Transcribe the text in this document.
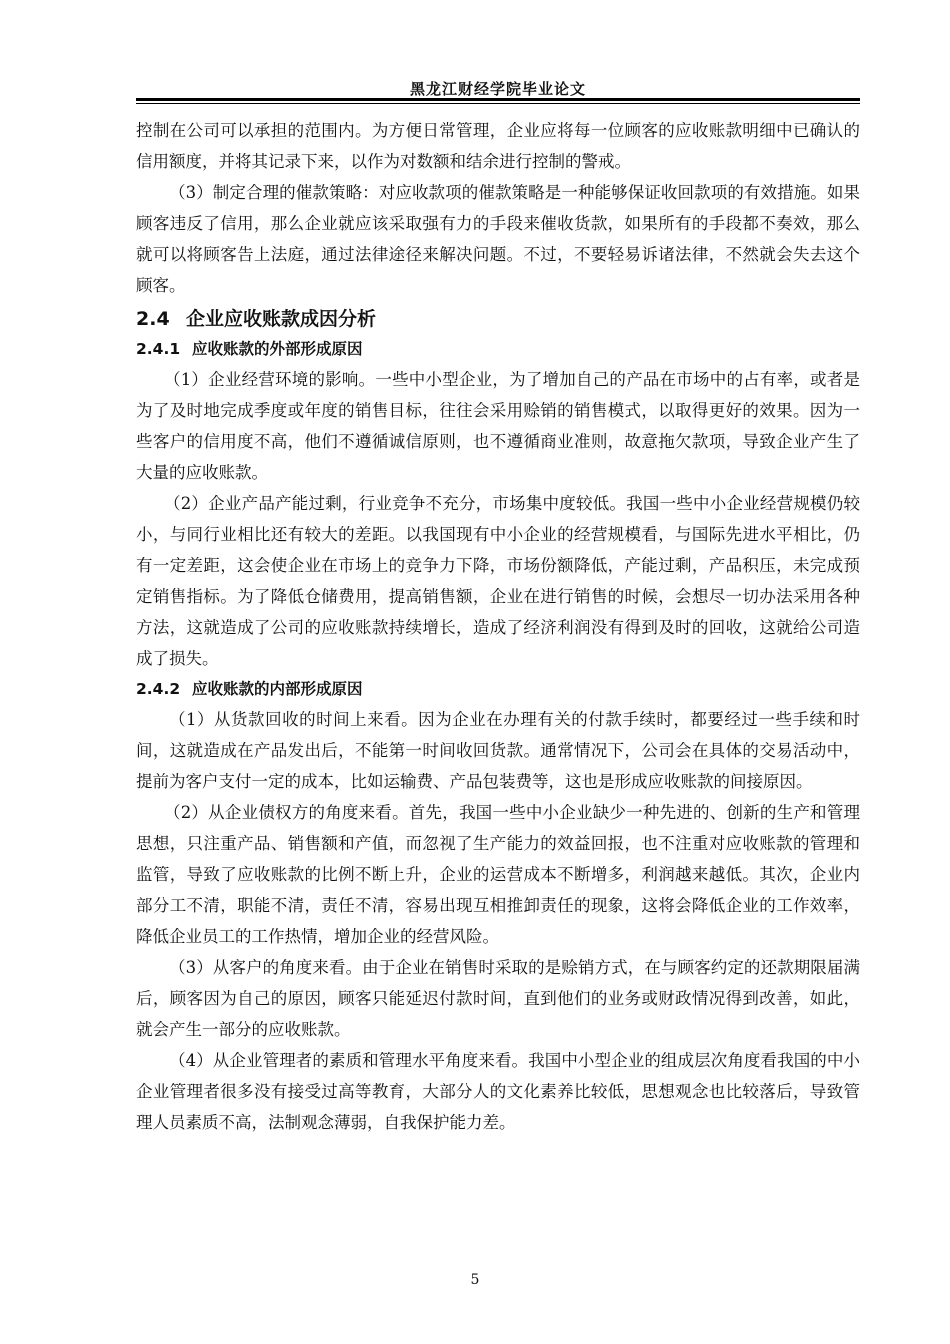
黑龙江财经学院毕业论文

控制在公司可以承担的范围内。为方便日常管理，企业应将每一位顾客的应收账款明细中已确认的信用额度，并将其记录下来，以作为对数额和结余进行控制的警戒。

（3）制定合理的催款策略：对应收款项的催款策略是一种能够保证收回款项的有效措施。如果顾客违反了信用，那么企业就应该采取强有力的手段来催收货款，如果所有的手段都不奏效，那么就可以将顾客告上法庭，通过法律途径来解决问题。不过，不要轻易诉诸法律，不然就会失去这个顾客。

2.4 企业应收账款成因分析
2.4.1 应收账款的外部形成原因

（1）企业经营环境的影响。一些中小型企业，为了增加自己的产品在市场中的占有率，或者是为了及时地完成季度或年度的销售目标，往往会采用赊销的销售模式，以取得更好的效果。因为一些客户的信用度不高，他们不遵循诚信原则，也不遵循商业准则，故意拖欠款项，导致企业产生了大量的应收账款。

（2）企业产品产能过剩，行业竞争不充分，市场集中度较低。我国一些中小企业经营规模仍较小，与同行业相比还有较大的差距。以我国现有中小企业的经营规模看，与国际先进水平相比，仍有一定差距，这会使企业在市场上的竞争力下降，市场份额降低，产能过剩，产品积压，未完成预定销售指标。为了降低仓储费用，提高销售额，企业在进行销售的时候，会想尽一切办法采用各种方法，这就造成了公司的应收账款持续增长，造成了经济利润没有得到及时的回收，这就给公司造成了损失。

2.4.2 应收账款的内部形成原因

（1）从货款回收的时间上来看。因为企业在办理有关的付款手续时，都要经过一些手续和时间，这就造成在产品发出后，不能第一时间收回货款。通常情况下，公司会在具体的交易活动中，提前为客户支付一定的成本，比如运输费、产品包装费等，这也是形成应收账款的间接原因。

（2）从企业债权方的角度来看。首先，我国一些中小企业缺少一种先进的、创新的生产和管理思想，只注重产品、销售额和产值，而忽视了生产能力的效益回报，也不注重对应收账款的管理和监管，导致了应收账款的比例不断上升，企业的运营成本不断增多，利润越来越低。其次，企业内部分工不清，职能不清，责任不清，容易出现互相推卸责任的现象，这将会降低企业的工作效率，降低企业员工的工作热情，增加企业的经营风险。

（3）从客户的角度来看。由于企业在销售时采取的是赊销方式，在与顾客约定的还款期限届满后，顾客因为自己的原因，顾客只能延迟付款时间，直到他们的业务或财政情况得到改善，如此，就会产生一部分的应收账款。

（4）从企业管理者的素质和管理水平角度来看。我国中小型企业的组成层次角度看我国的中小企业管理者很多没有接受过高等教育，大部分人的文化素养比较低，思想观念也比较落后，导致管理人员素质不高，法制观念薄弱，自我保护能力差。

5
